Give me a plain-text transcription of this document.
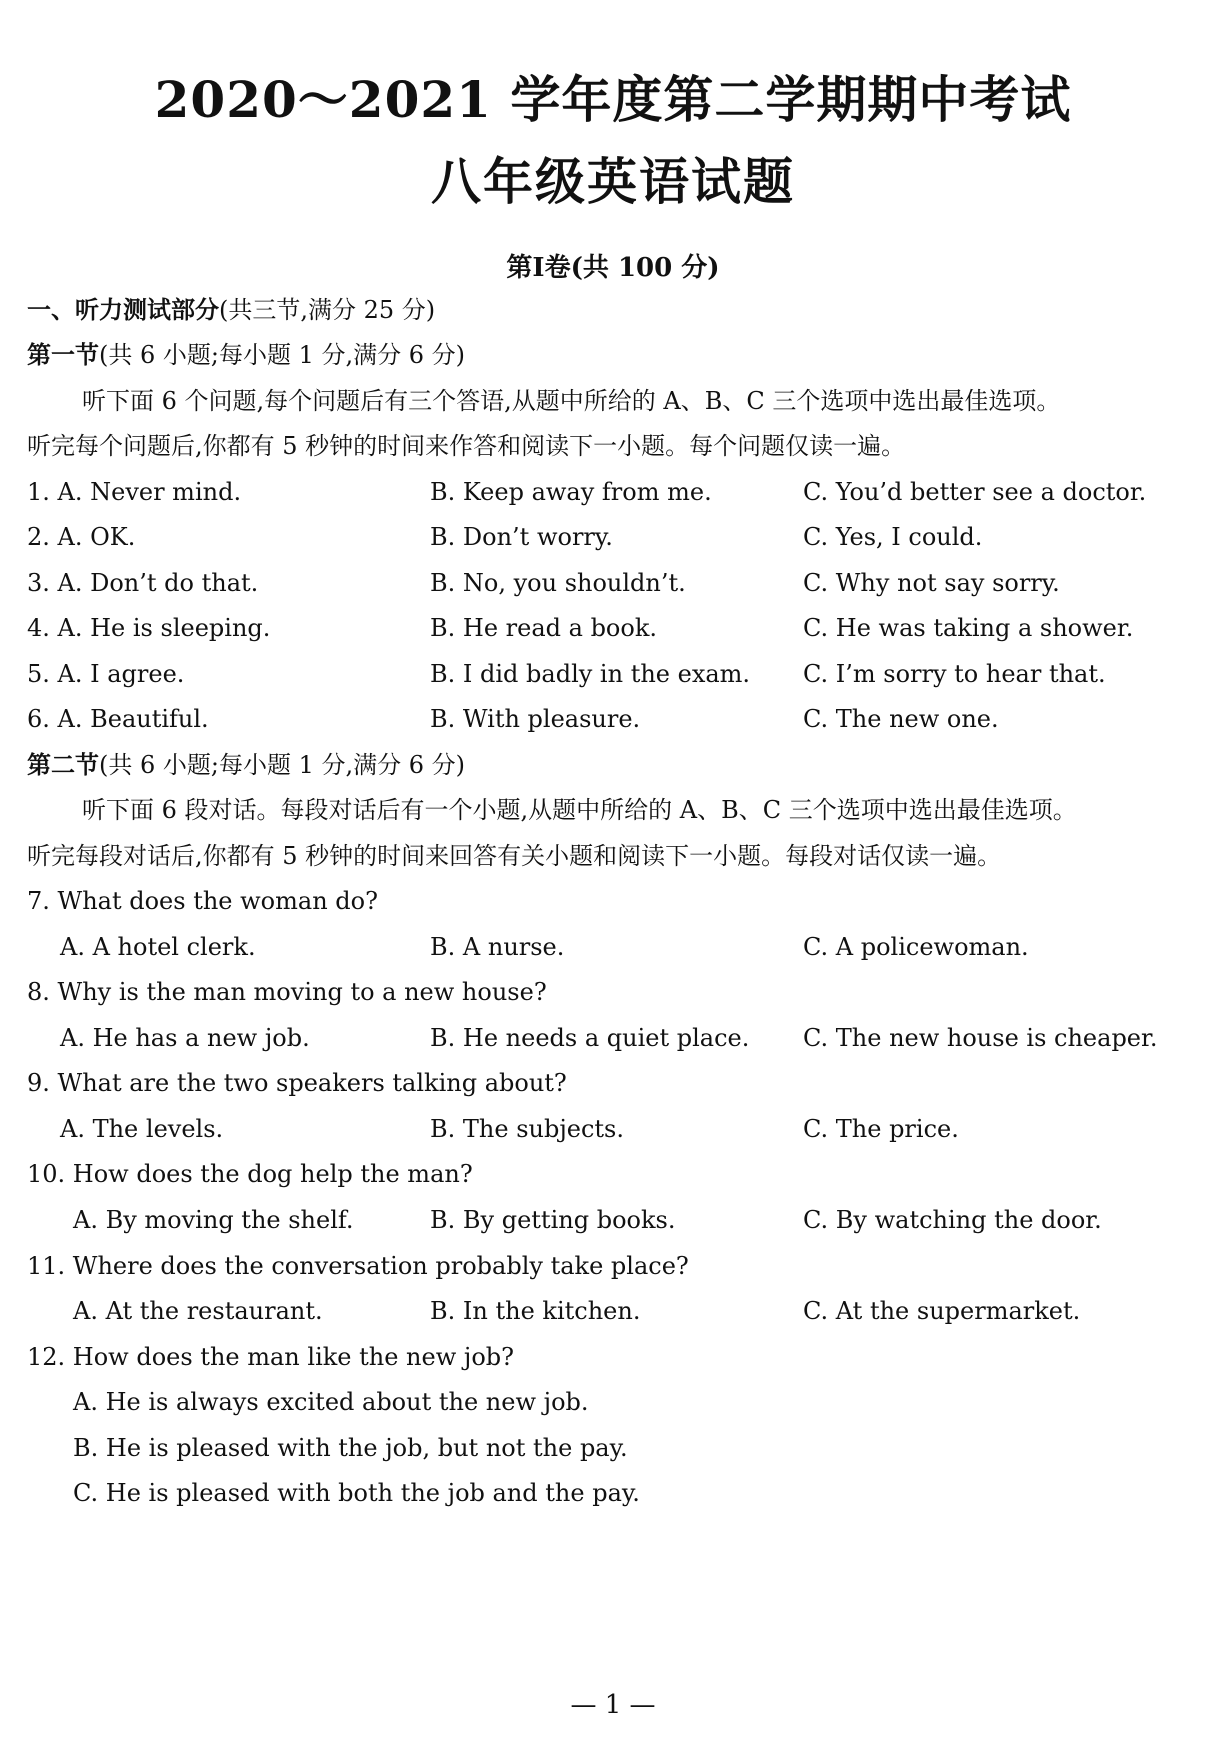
2020～2021 学年度第二学期期中考试
八年级英语试题
第Ⅰ卷(共 100 分)
一、听力测试部分(共三节,满分 25 分)
第一节(共 6 小题;每小题 1 分,满分 6 分)
听下面 6 个问题,每个问题后有三个答语,从题中所给的 A、B、C 三个选项中选出最佳选项。
听完每个问题后,你都有 5 秒钟的时间来作答和阅读下一小题。每个问题仅读一遍。
1. A. Never mind.	B. Keep away from me.	C. You’d better see a doctor.
2. A. OK.	B. Don’t worry.	C. Yes, I could.
3. A. Don’t do that.	B. No, you shouldn’t.	C. Why not say sorry.
4. A. He is sleeping.	B. He read a book.	C. He was taking a shower.
5. A. I agree.	B. I did badly in the exam. C. I’m sorry to hear that.
6. A. Beautiful.	B. With pleasure.	C. The new one.
第二节(共 6 小题;每小题 1 分,满分 6 分)
听下面 6 段对话。每段对话后有一个小题,从题中所给的 A、B、C 三个选项中选出最佳选项。
听完每段对话后,你都有 5 秒钟的时间来回答有关小题和阅读下一小题。每段对话仅读一遍。
7. What does the woman do?
A. A hotel clerk.	B. A nurse.	C. A policewoman.
8. Why is the man moving to a new house?
A. He has a new job.	B. He needs a quiet place. C. The new house is cheaper.
9. What are the two speakers talking about?
A. The levels.	B. The subjects.	C. The price.
10. How does the dog help the man?
A. By moving the shelf.	B. By getting books.	C. By watching the door.
11. Where does the conversation probably take place?
A. At the restaurant.	B. In the kitchen.	C. At the supermarket.
12. How does the man like the new job?
A. He is always excited about the new job.
B. He is pleased with the job, but not the pay.
C. He is pleased with both the job and the pay.
— 1 —
